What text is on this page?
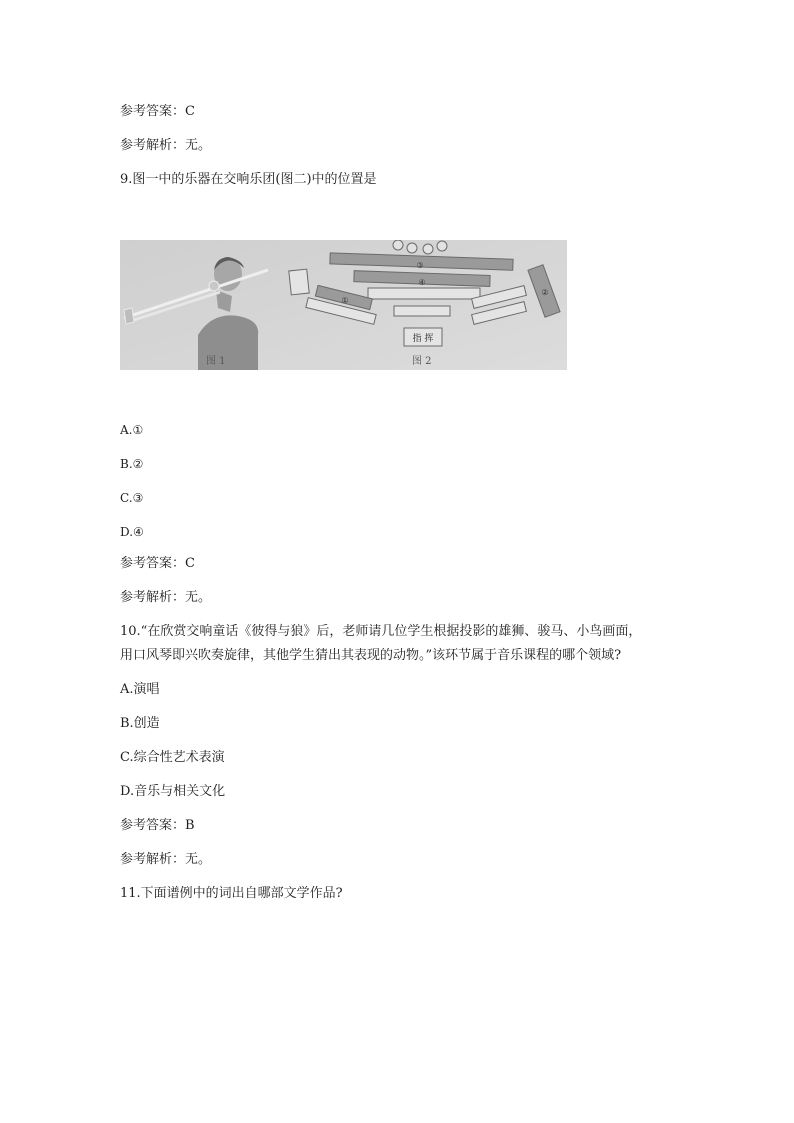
参考答案：C
参考解析：无。
9.图一中的乐器在交响乐团(图二)中的位置是
图 1
③
④
①
②
指 挥
图 2
A.①
B.②
C.③
D.④
参考答案：C
参考解析：无。
10.“在欣赏交响童话《彼得与狼》后，老师请几位学生根据投影的雄狮、骏马、小鸟画面，
用口风琴即兴吹奏旋律，其他学生猜出其表现的动物。”该环节属于音乐课程的哪个领域?
A.演唱
B.创造
C.综合性艺术表演
D.音乐与相关文化
参考答案：B
参考解析：无。
11.下面谱例中的词出自哪部文学作品?
